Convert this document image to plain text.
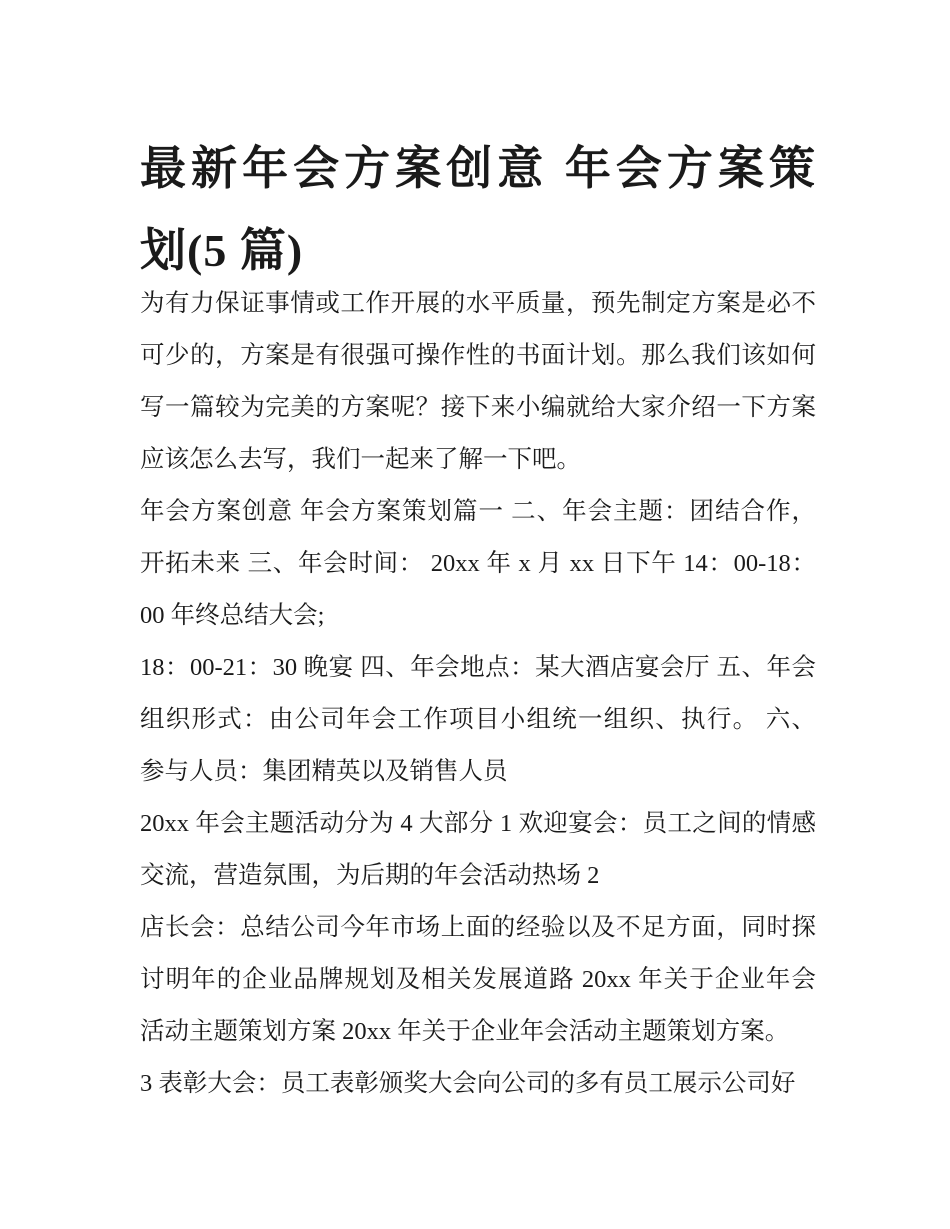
最新年会方案创意 年会方案策
划(5 篇)
为有力保证事情或工作开展的水平质量，预先制定方案是必不
可少的，方案是有很强可操作性的书面计划。那么我们该如何
写一篇较为完美的方案呢？接下来小编就给大家介绍一下方案
应该怎么去写，我们一起来了解一下吧。
年会方案创意 年会方案策划篇一 二、年会主题：团结合作，
开拓未来 三、年会时间： 20xx 年 x 月 xx 日下午 14：00-18：
00 年终总结大会;
18：00-21：30 晚宴 四、年会地点：某大酒店宴会厅 五、年会
组织形式：由公司年会工作项目小组统一组织、执行。 六、
参与人员：集团精英以及销售人员
20xx 年会主题活动分为 4 大部分 1 欢迎宴会：员工之间的情感
交流，营造氛围，为后期的年会活动热场 2
店长会：总结公司今年市场上面的经验以及不足方面，同时探
讨明年的企业品牌规划及相关发展道路 20xx 年关于企业年会
活动主题策划方案 20xx 年关于企业年会活动主题策划方案。
3 表彰大会：员工表彰颁奖大会向公司的多有员工展示公司好
